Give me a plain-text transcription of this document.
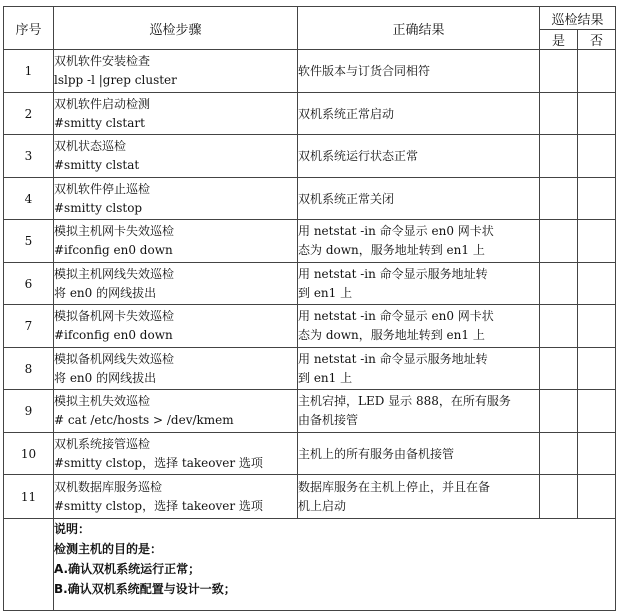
序号	巡检步骤	正确结果	巡检结果	
			是	否
1	双机软件安装检查
lslpp -l |grep cluster	软件版本与订货合同相符		

2	双机软件启动检测
#smitty clstart	双机系统正常启动		

3	双机状态巡检
#smitty clstat	双机系统运行状态正常		

4	双机软件停止巡检
#smitty clstop	双机系统正常关闭		

5	模拟主机网卡失效巡检
#ifconfig en0 down	用 netstat -in 命令显示 en0 网卡状
态为 down，服务地址转到 en1 上		

6	模拟主机网线失效巡检
将 en0 的网线拔出	用 netstat -in 命令显示服务地址转
到 en1 上		

7	模拟备机网卡失效巡检
#ifconfig en0 down	用 netstat -in 命令显示 en0 网卡状
态为 down，服务地址转到 en1 上		

8	模拟备机网线失效巡检
将 en0 的网线拔出	用 netstat -in 命令显示服务地址转
到 en1 上		

9	模拟主机失效巡检
# cat /etc/hosts > /dev/kmem	主机宕掉，LED 显示 888，在所有服务
由备机接管		

10	双机系统接管巡检
#smitty clstop，选择 takeover 选项	主机上的所有服务由备机接管		

11	双机数据库服务巡检
#smitty clstop，选择 takeover 选项	数据库服务在主机上停止，并且在备
机上启动		

	说明：
检测主机的目的是：
A.确认双机系统运行正常；
B.确认双机系统配置与设计一致；			
